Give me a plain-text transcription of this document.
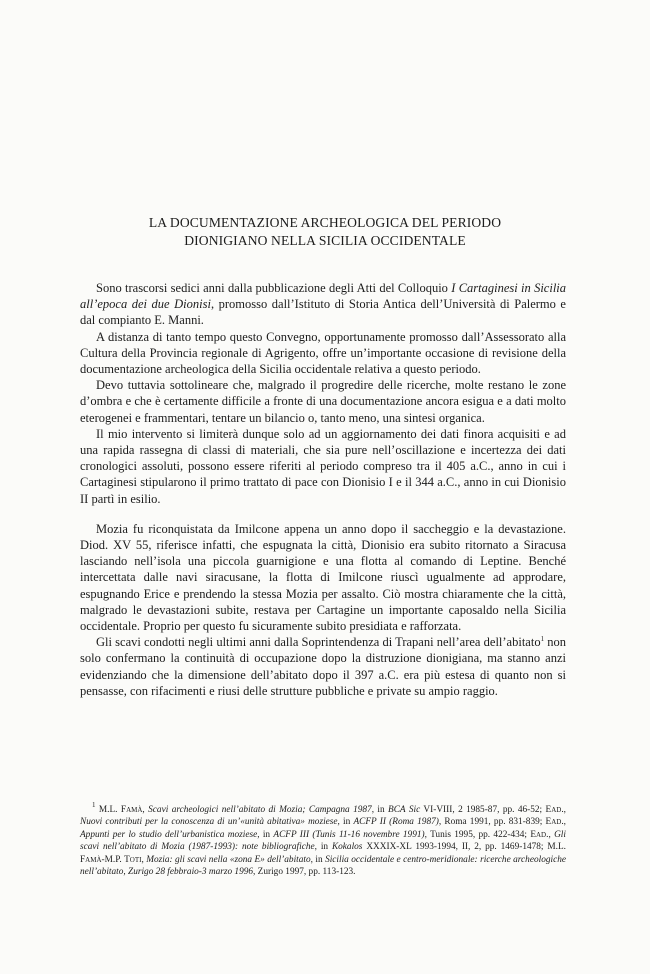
LA DOCUMENTAZIONE ARCHEOLOGICA DEL PERIODO
DIONIGIANO NELLA SICILIA OCCIDENTALE

Sono trascorsi sedici anni dalla pubblicazione degli Atti del Colloquio I Cartaginesi in Sicilia all’epoca dei due Dionisi, promosso dall’Istituto di Storia Antica dell’Università di Palermo e dal compianto E. Manni.

A distanza di tanto tempo questo Convegno, opportunamente promosso dall’Assessorato alla Cultura della Provincia regionale di Agrigento, offre un’importante occasione di revisione della documentazione archeologica della Sicilia occidentale relativa a questo periodo.

Devo tuttavia sottolineare che, malgrado il progredire delle ricerche, molte restano le zone d’ombra e che è certamente difficile a fronte di una documentazione ancora esigua e a dati molto eterogenei e frammentari, tentare un bilancio o, tanto meno, una sintesi organica.

Il mio intervento si limiterà dunque solo ad un aggiornamento dei dati finora acquisiti e ad una rapida rassegna di classi di materiali, che sia pure nell’oscillazione e incertezza dei dati cronologici assoluti, possono essere riferiti al periodo compreso tra il 405 a.C., anno in cui i Cartaginesi stipularono il primo trattato di pace con Dionisio I e il 344 a.C., anno in cui Dionisio II partì in esilio.

Mozia fu riconquistata da Imilcone appena un anno dopo il saccheggio e la devastazione. Diod. XV 55, riferisce infatti, che espugnata la città, Dionisio era subito ritornato a Siracusa lasciando nell’isola una piccola guarnigione e una flotta al comando di Leptine. Benché intercettata dalle navi siracusane, la flotta di Imilcone riuscì ugualmente ad approdare, espugnando Erice e prendendo la stessa Mozia per assalto. Ciò mostra chiaramente che la città, malgrado le devastazioni subite, restava per Cartagine un importante caposaldo nella Sicilia occidentale. Proprio per questo fu sicuramente subito presidiata e rafforzata.

Gli scavi condotti negli ultimi anni dalla Soprintendenza di Trapani nell’area dell’abitato$^1$ non solo confermano la continuità di occupazione dopo la distruzione dionigiana, ma stanno anzi evidenziando che la dimensione dell’abitato dopo il 397 a.C. era più estesa di quanto non si pensasse, con rifacimenti e riusi delle strutture pubbliche e private su ampio raggio.

$^1$ M.L. Famà, Scavi archeologici nell’abitato di Mozia; Campagna 1987, in BCA Sic VI-VIII, 2 1985-87, pp. 46-52; Ead., Nuovi contributi per la conoscenza di un’«unità abitativa» moziese, in ACFP II (Roma 1987), Roma 1991, pp. 831-839; Ead., Appunti per lo studio dell’urbanistica moziese, in ACFP III (Tunis 11-16 novembre 1991), Tunis 1995, pp. 422-434; Ead., Gli scavi nell’abitato di Mozia (1987-1993): note bibliografiche, in Kokalos XXXIX-XL 1993-1994, II, 2, pp. 1469-1478; M.L. Famà-M.P. Toti, Mozia: gli scavi nella «zona E» dell’abitato, in Sicilia occidentale e centro-meridionale: ricerche archeologiche nell’abitato, Zurigo 28 febbraio-3 marzo 1996, Zurigo 1997, pp. 113-123.
